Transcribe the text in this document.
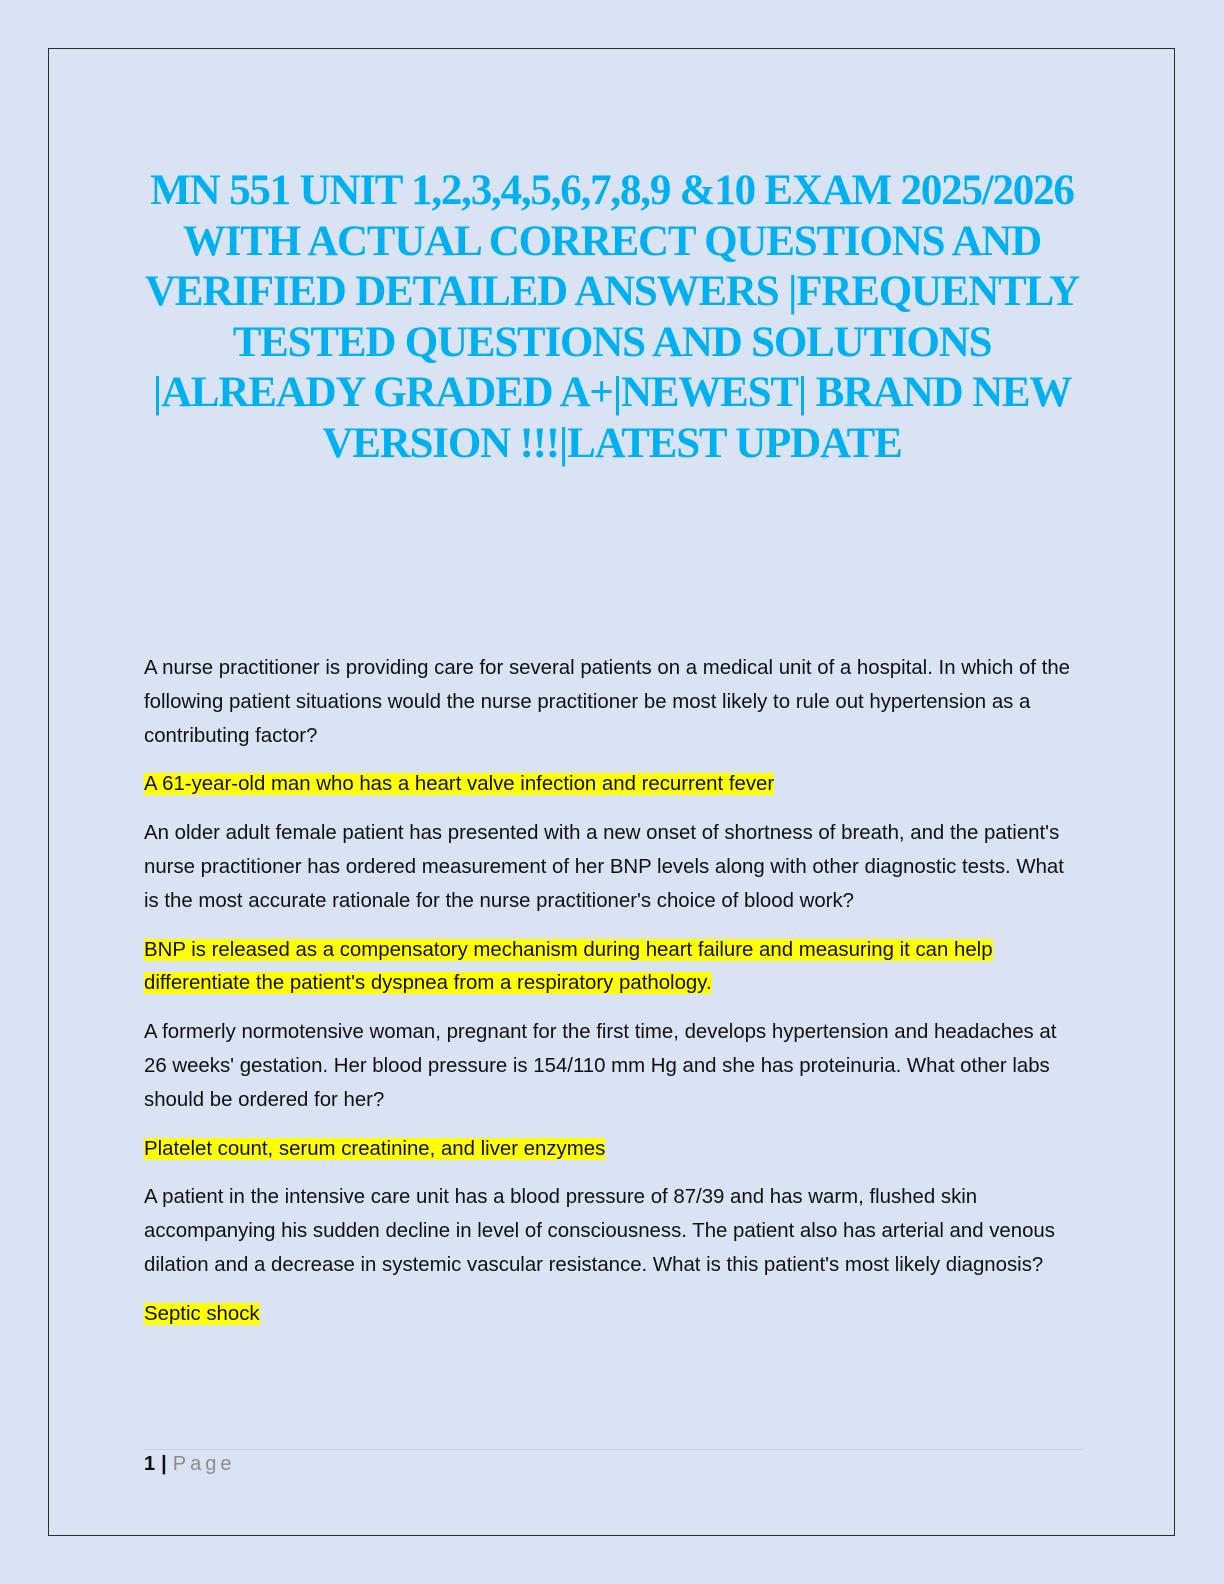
MN 551 UNIT 1,2,3,4,5,6,7,8,9 &10 EXAM 2025/2026 WITH ACTUAL CORRECT QUESTIONS AND VERIFIED DETAILED ANSWERS |FREQUENTLY TESTED QUESTIONS AND SOLUTIONS |ALREADY GRADED A+|NEWEST| BRAND NEW VERSION !!!|LATEST UPDATE

A nurse practitioner is providing care for several patients on a medical unit of a hospital. In which of the following patient situations would the nurse practitioner be most likely to rule out hypertension as a contributing factor?

A 61-year-old man who has a heart valve infection and recurrent fever

An older adult female patient has presented with a new onset of shortness of breath, and the patient's nurse practitioner has ordered measurement of her BNP levels along with other diagnostic tests. What is the most accurate rationale for the nurse practitioner's choice of blood work?

BNP is released as a compensatory mechanism during heart failure and measuring it can help differentiate the patient's dyspnea from a respiratory pathology.

A formerly normotensive woman, pregnant for the first time, develops hypertension and headaches at 26 weeks' gestation. Her blood pressure is 154/110 mm Hg and she has proteinuria. What other labs should be ordered for her?

Platelet count, serum creatinine, and liver enzymes

A patient in the intensive care unit has a blood pressure of 87/39 and has warm, flushed skin accompanying his sudden decline in level of consciousness. The patient also has arterial and venous dilation and a decrease in systemic vascular resistance. What is this patient's most likely diagnosis?

Septic shock

1 | Page
